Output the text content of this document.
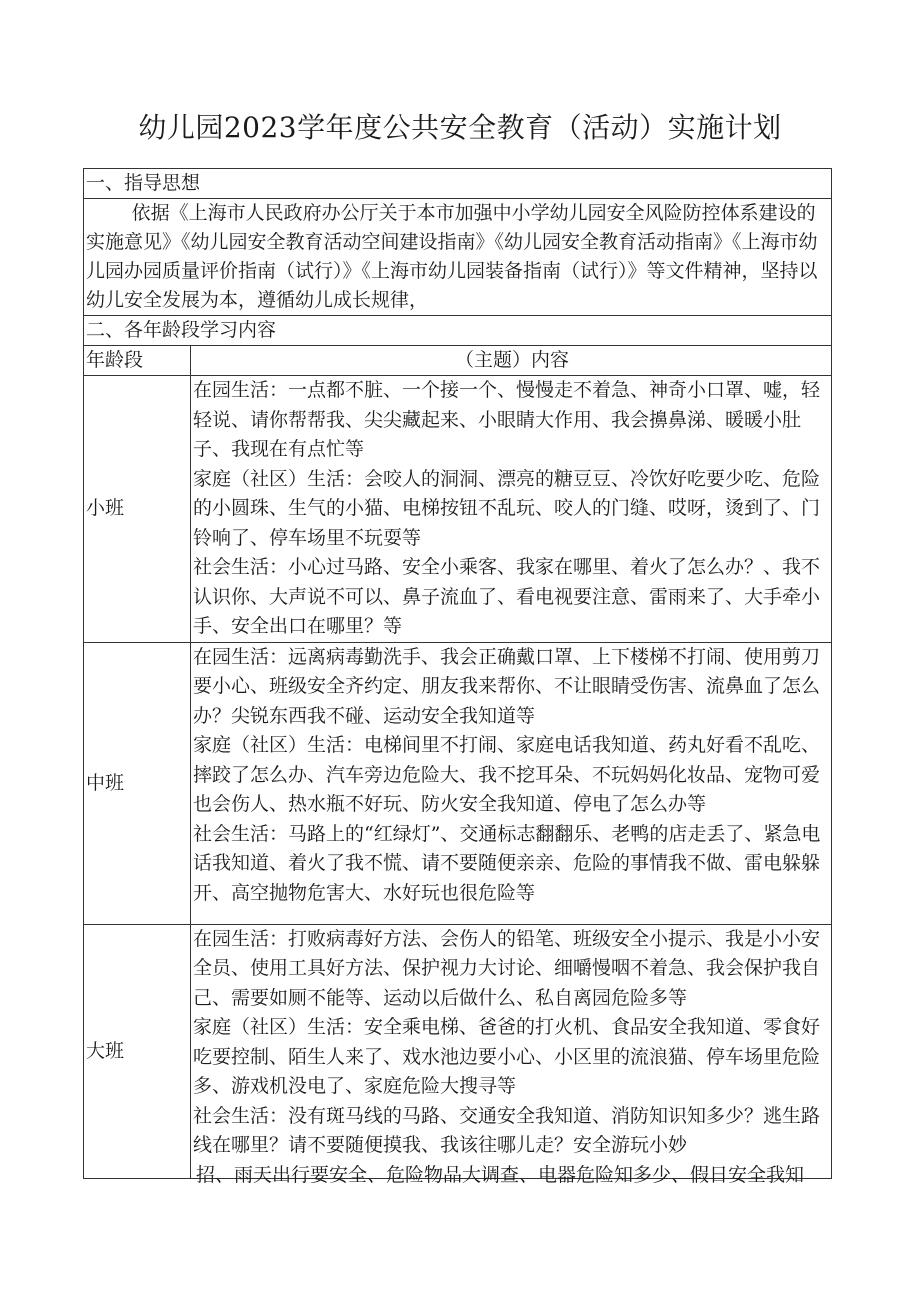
幼儿园2023学年度公共安全教育（活动）实施计划
一、指导思想	
依据《上海市人民政府办公厅关于本市加强中小学幼儿园安全风险防控体系建设的实施意见》《幼儿园安全教育活动空间建设指南》《幼儿园安全教育活动指南》《上海市幼儿园办园质量评价指南（试行）》《上海市幼儿园装备指南（试行）》等文件精神，坚持以幼儿安全发展为本，遵循幼儿成长规律，	
二、各年龄段学习内容	
年龄段	（主题）内容
小班	在园生活：一点都不脏、一个接一个、慢慢走不着急、神奇小口罩、嘘，轻轻说、请你帮帮我、尖尖藏起来、小眼睛大作用、我会擤鼻涕、暖暖小肚子、我现在有点忙等

家庭（社区）生活：会咬人的洞洞、漂亮的糖豆豆、冷饮好吃要少吃、危险的小圆珠、生气的小猫、电梯按钮不乱玩、咬人的门缝、哎呀，烫到了、门铃响了、停车场里不玩耍等

社会生活：小心过马路、安全小乘客、我家在哪里、着火了怎么办？、我不认识你、大声说不可以、鼻子流血了、看电视要注意、雷雨来了、大手牵小手、安全出口在哪里？等

中班	在园生活：远离病毒勤洗手、我会正确戴口罩、上下楼梯不打闹、使用剪刀要小心、班级安全齐约定、朋友我来帮你、不让眼睛受伤害、流鼻血了怎么办？尖锐东西我不碰、运动安全我知道等

家庭（社区）生活：电梯间里不打闹、家庭电话我知道、药丸好看不乱吃、摔跤了怎么办、汽车旁边危险大、我不挖耳朵、不玩妈妈化妆品、宠物可爱也会伤人、热水瓶不好玩、防火安全我知道、停电了怎么办等

社会生活：马路上的“红绿灯”、交通标志翻翻乐、老鸭的店走丢了、紧急电话我知道、着火了我不慌、请不要随便亲亲、危险的事情我不做、雷电躲躲开、高空抛物危害大、水好玩也很危险等

大班	在园生活：打败病毒好方法、会伤人的铅笔、班级安全小提示、我是小小安全员、使用工具好方法、保护视力大讨论、细嚼慢咽不着急、我会保护我自己、需要如厕不能等、运动以后做什么、私自离园危险多等

家庭（社区）生活：安全乘电梯、爸爸的打火机、食品安全我知道、零食好吃要控制、陌生人来了、戏水池边要小心、小区里的流浪猫、停车场里危险多、游戏机没电了、家庭危险大搜寻等

社会生活：没有斑马线的马路、交通安全我知道、消防知识知多少？逃生路线在哪里？请不要随便摸我、我该往哪儿走？安全游玩小妙

招、雨天出行要安全、危险物品大调查、电器危险知多少、假日安全我知
